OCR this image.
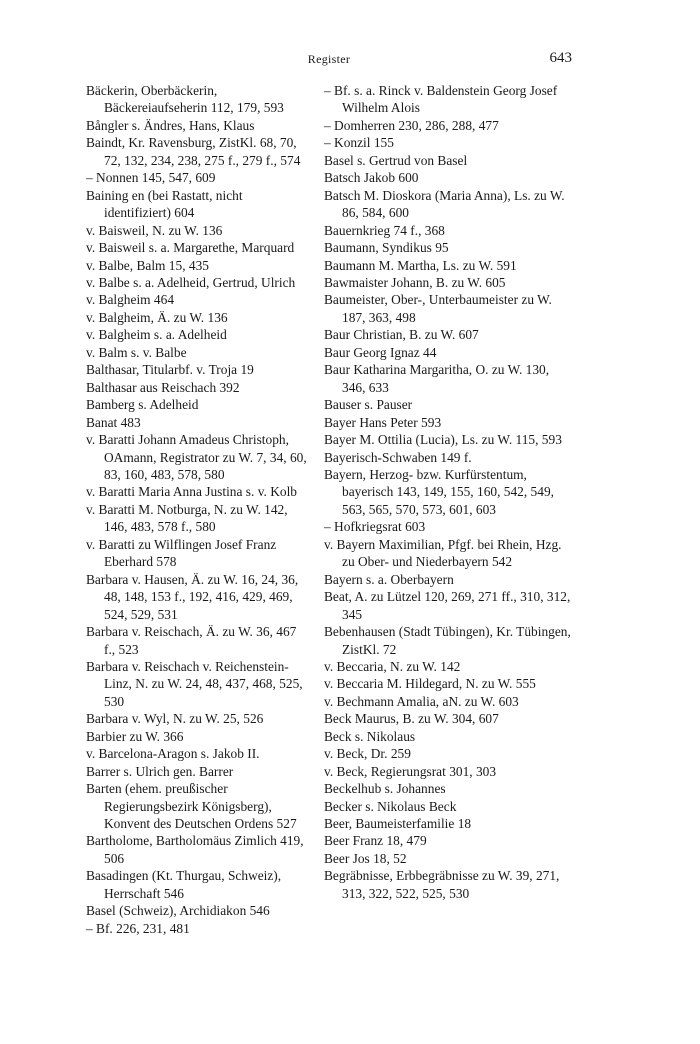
Register	643
Bäckerin, Oberbäckerin, Bäckereiaufseherin 112, 179, 593
Bångler s. Ändres, Hans, Klaus
Baindt, Kr. Ravensburg, ZistKl. 68, 70, 72, 132, 234, 238, 275 f., 279 f., 574
– Nonnen 145, 547, 609
Baining en (bei Rastatt, nicht identifiziert) 604
v. Baisweil, N. zu W. 136
v. Baisweil s. a. Margarethe, Marquard
v. Balbe, Balm 15, 435
v. Balbe s. a. Adelheid, Gertrud, Ulrich
v. Balgheim 464
v. Balgheim, Ä. zu W. 136
v. Balgheim s. a. Adelheid
v. Balm s. v. Balbe
Balthasar, Titularbf. v. Troja 19
Balthasar aus Reischach 392
Bamberg s. Adelheid
Banat 483
v. Baratti Johann Amadeus Christoph, OAmann, Registrator zu W. 7, 34, 60, 83, 160, 483, 578, 580
v. Baratti Maria Anna Justina s. v. Kolb
v. Baratti M. Notburga, N. zu W. 142, 146, 483, 578 f., 580
v. Baratti zu Wilflingen Josef Franz Eberhard 578
Barbara v. Hausen, Ä. zu W. 16, 24, 36, 48, 148, 153 f., 192, 416, 429, 469, 524, 529, 531
Barbara v. Reischach, Ä. zu W. 36, 467 f., 523
Barbara v. Reischach v. Reichenstein-Linz, N. zu W. 24, 48, 437, 468, 525, 530
Barbara v. Wyl, N. zu W. 25, 526
Barbier zu W. 366
v. Barcelona-Aragon s. Jakob II.
Barrer s. Ulrich gen. Barrer
Barten (ehem. preußischer Regierungsbezirk Königsberg), Konvent des Deutschen Ordens 527
Bartholome, Bartholomäus Zimlich 419, 506
Basadingen (Kt. Thurgau, Schweiz), Herrschaft 546
Basel (Schweiz), Archidiakon 546
– Bf. 226, 231, 481
– Bf. s. a. Rinck v. Baldenstein Georg Josef Wilhelm Alois
– Domherren 230, 286, 288, 477
– Konzil 155
Basel s. Gertrud von Basel
Batsch Jakob 600
Batsch M. Dioskora (Maria Anna), Ls. zu W. 86, 584, 600
Bauernkrieg 74 f., 368
Baumann, Syndikus 95
Baumann M. Martha, Ls. zu W. 591
Bawmaister Johann, B. zu W. 605
Baumeister, Ober-, Unterbaumeister zu W. 187, 363, 498
Baur Christian, B. zu W. 607
Baur Georg Ignaz 44
Baur Katharina Margaritha, O. zu W. 130, 346, 633
Bauser s. Pauser
Bayer Hans Peter 593
Bayer M. Ottilia (Lucia), Ls. zu W. 115, 593
Bayerisch-Schwaben 149 f.
Bayern, Herzog- bzw. Kurfürstentum, bayerisch 143, 149, 155, 160, 542, 549, 563, 565, 570, 573, 601, 603
– Hofkriegsrat 603
v. Bayern Maximilian, Pfgf. bei Rhein, Hzg. zu Ober- und Niederbayern 542
Bayern s. a. Oberbayern
Beat, A. zu Lützel 120, 269, 271 ff., 310, 312, 345
Bebenhausen (Stadt Tübingen), Kr. Tübingen, ZistKl. 72
v. Beccaria, N. zu W. 142
v. Beccaria M. Hildegard, N. zu W. 555
v. Bechmann Amalia, aN. zu W. 603
Beck Maurus, B. zu W. 304, 607
Beck s. Nikolaus
v. Beck, Dr. 259
v. Beck, Regierungsrat 301, 303
Beckelhub s. Johannes
Becker s. Nikolaus Beck
Beer, Baumeisterfamilie 18
Beer Franz 18, 479
Beer Jos 18, 52
Begräbnisse, Erbbegräbnisse zu W. 39, 271, 313, 322, 522, 525, 530
